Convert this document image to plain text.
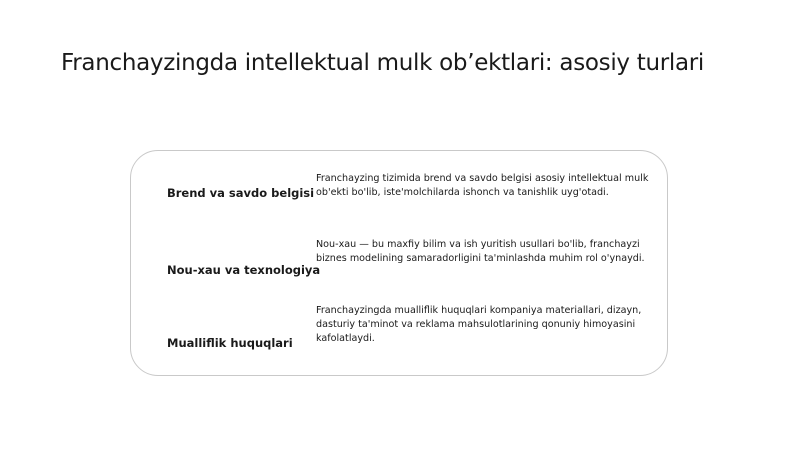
Franchayzingda intellektual mulk ob’ektlari: asosiy turlari
Brend va savdo belgisi
Franchayzing tizimida brend va savdo belgisi asosiy intellektual mulk ob'ekti bo'lib, iste'molchilarda ishonch va tanishlik uyg'otadi.
Nou-xau va texnologiya
Nou-xau — bu maxfiy bilim va ish yuritish usullari bo'lib, franchayzi biznes modelining samaradorligini ta'minlashda muhim rol o'ynaydi.
Mualliflik huquqlari
Franchayzingda mualliflik huquqlari kompaniya materiallari, dizayn, dasturiy ta'minot va reklama mahsulotlarining qonuniy himoyasini kafolatlaydi.
